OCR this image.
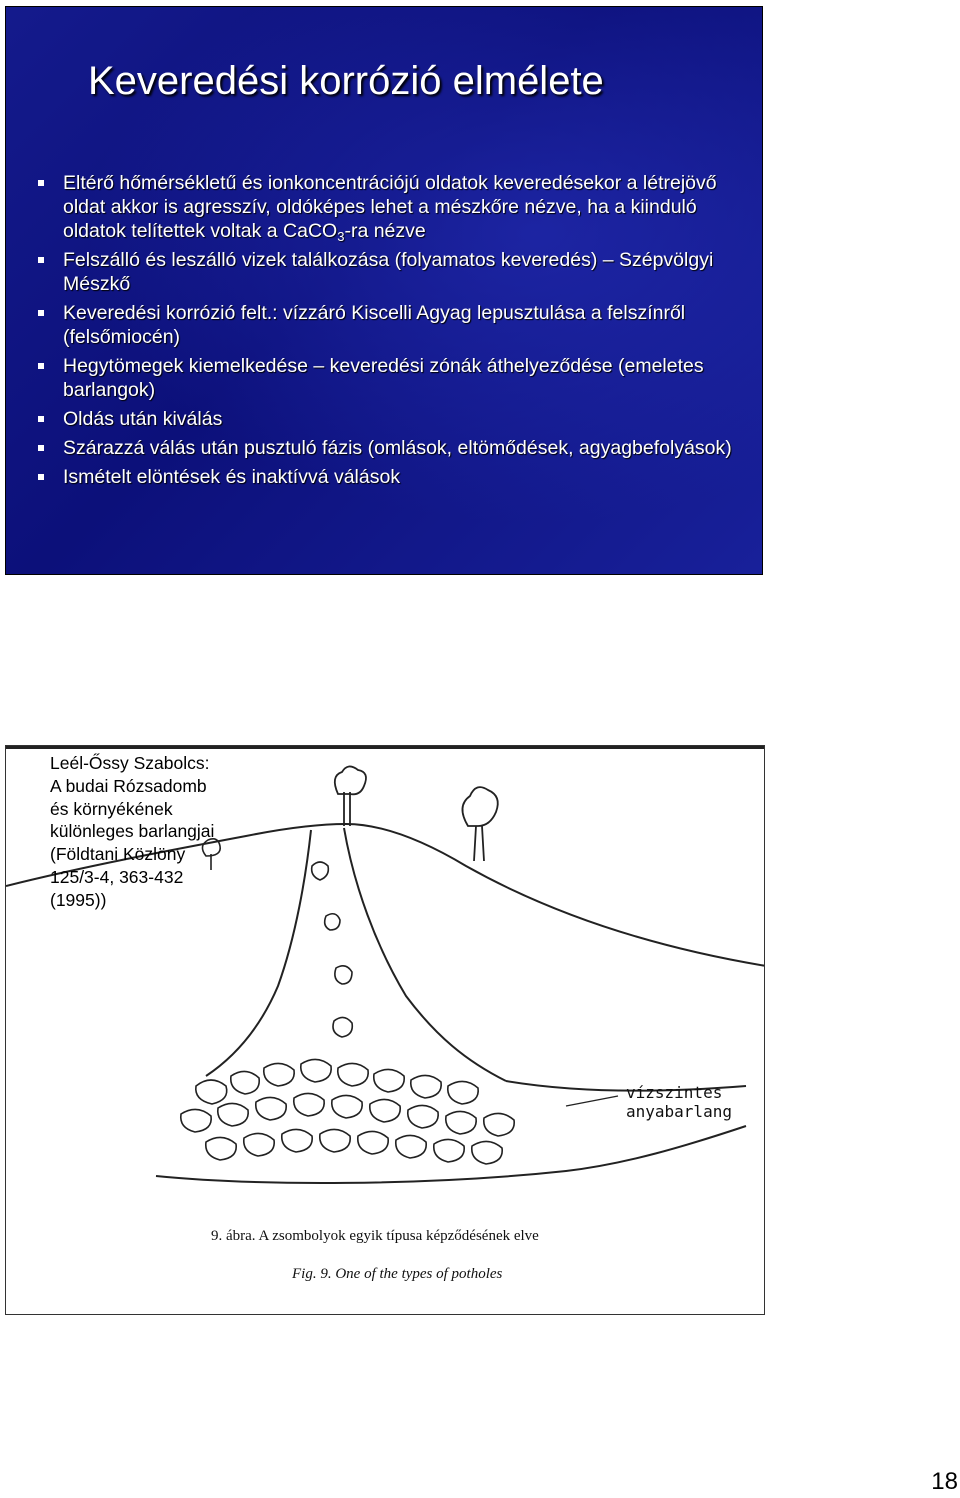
Keveredési korrózió elmélete
Eltérő hőmérsékletű és ionkoncentrációjú oldatok keveredésekor a létrejövő oldat akkor is agresszív, oldóképes lehet a mészkőre nézve, ha a kiinduló oldatok telítettek voltak a CaCO$_3$-ra nézve
Felszálló és leszálló vizek találkozása (folyamatos keveredés) – Szépvölgyi Mészkő
Keveredési korrózió felt.: vízzáró Kiscelli Agyag lepusztulása a felszínről (felsőmiocén)
Hegytömegek kiemelkedése – keveredési zónák áthelyeződése (emeletes barlangok)
Oldás után kiválás
Szárazzá válás után pusztuló fázis (omlások, eltömődések, agyagbefolyások)
Ismételt elöntések és inaktívvá válások
Leél-Őssy Szabolcs:
A budai Rózsadomb
és környékének
különleges barlangjai
(Földtani Közlöny
125/3-4, 363-432
(1995))
vízszintes
anyabarlang
9. ábra. A zsombolyok egyik típusa képződésének elve
Fig. 9. One of the types of potholes
18
